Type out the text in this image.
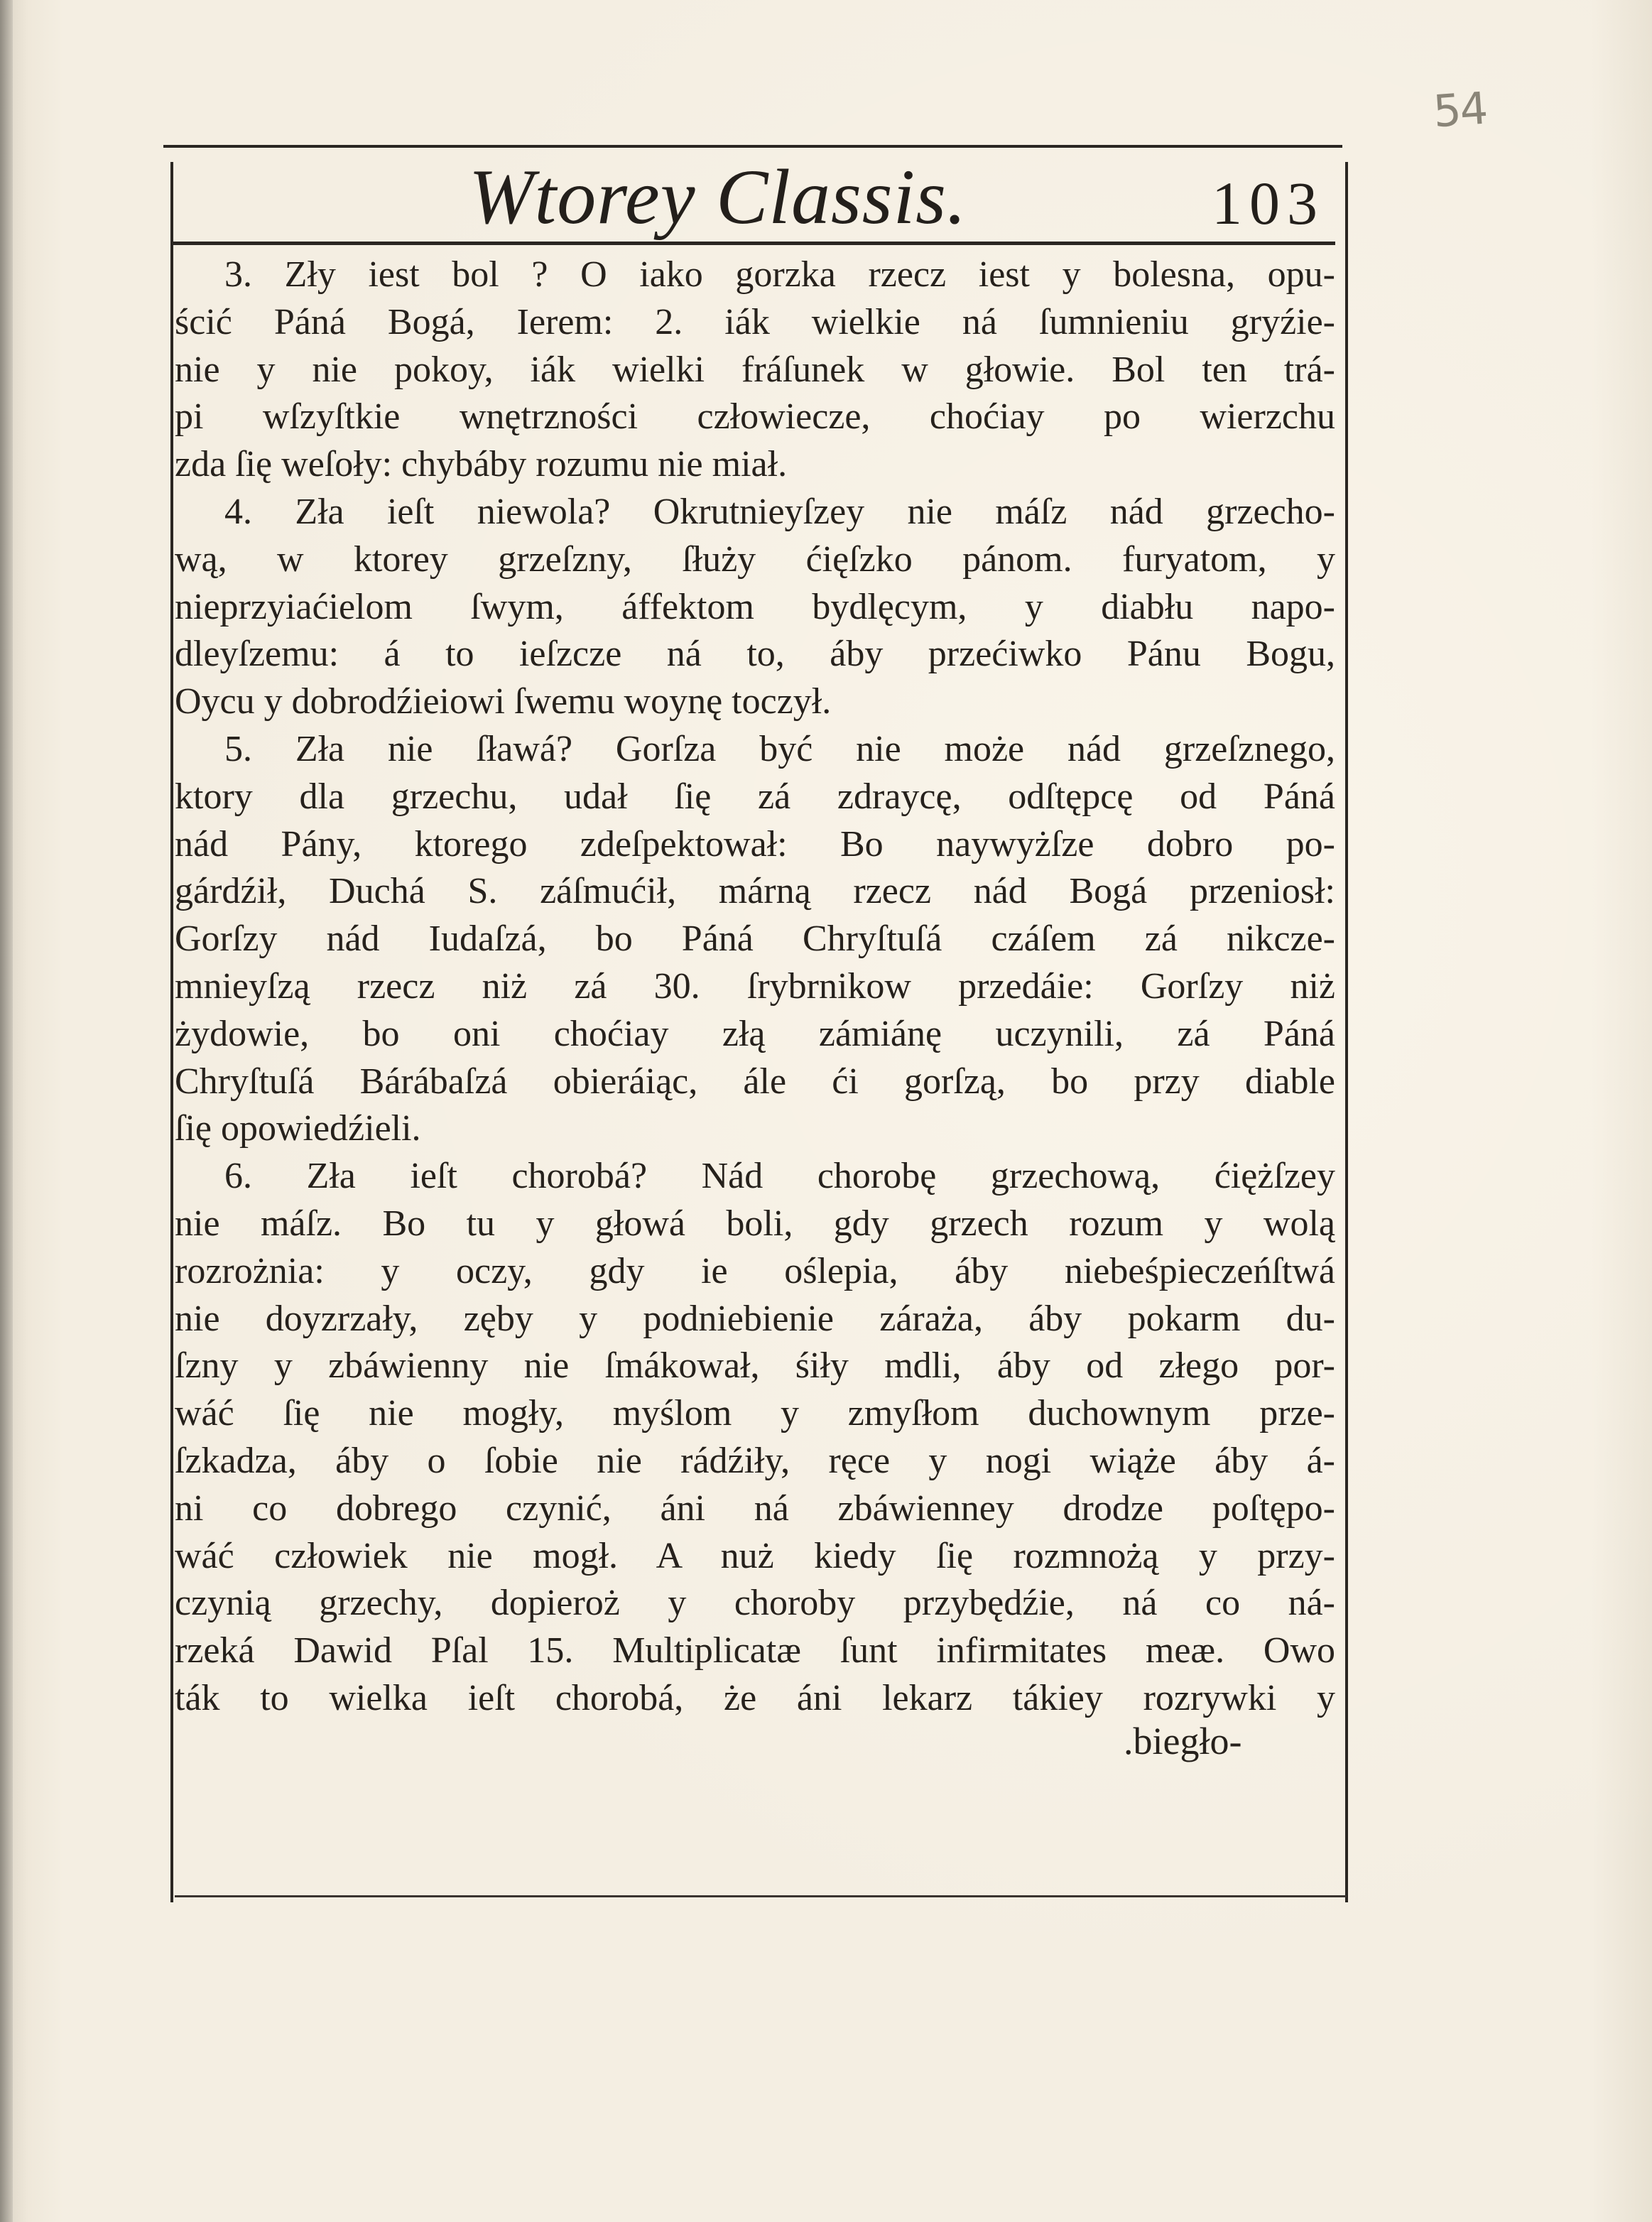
54
Wtorey Classis.	103
3. Zły iest bol ? O iako gorzka rzecz iest y bolesna, opu-
ścić Páná Bogá, Ierem: 2. iák wielkie ná ſumnieniu gryźie-
nie y nie pokoy, iák wielki fráſunek w głowie. Bol ten trá-
pi wſzyſtkie wnętrzności człowiecze, choćiay po wierzchu
zda ſię weſoły: chybáby rozumu nie miał.
4. Zła ieſt niewola? Okrutnieyſzey nie máſz nád grzecho-
wą, w ktorey grzeſzny, ſłuży ćięſzko pánom. furyatom, y
nieprzyiaćielom ſwym, áffektom bydlęcym, y diabłu napo-
dleyſzemu: á to ieſzcze ná to, áby przećiwko Pánu Bogu,
Oycu y dobrodźieiowi ſwemu woynę toczył.
5. Zła nie ſławá? Gorſza być nie może nád grzeſznego,
ktory dla grzechu, udał ſię zá zdraycę, odſtępcę od Páná
nád Pány, ktorego zdeſpektował: Bo naywyżſze dobro po-
gárdźił, Duchá S. záſmućił, márną rzecz nád Bogá przeniosł:
Gorſzy nád Iudaſzá, bo Páná Chryſtuſá czáſem zá nikcze-
mnieyſzą rzecz niż zá 30. ſrybrnikow przedáie: Gorſzy niż
żydowie, bo oni choćiay złą zámiánę uczynili, zá Páná
Chryſtuſá Bárábaſzá obieráiąc, ále ći gorſzą, bo przy diable
ſię opowiedźieli.
6. Zła ieſt chorobá? Nád chorobę grzechową, ćiężſzey
nie máſz. Bo tu y głowá boli, gdy grzech rozum y wolą
rozrożnia: y oczy, gdy ie oślepia, áby niebeśpieczeńſtwá
nie doyzrzały, zęby y podniebienie záraża, áby pokarm du-
ſzny y zbáwienny nie ſmákował, śiły mdli, áby od złego por-
wáć ſię nie mogły, myślom y zmyſłom duchownym prze-
ſzkadza, áby o ſobie nie rádźiły, ręce y nogi wiąże áby á-
ni co dobrego czynić, áni ná zbáwienney drodze poſtępo-
wáć człowiek nie mogł. A nuż kiedy ſię rozmnożą y przy-
czynią grzechy, dopieroż y choroby przybędźie, ná co ná-
rzeká Dawid Pſal 15. Multiplicatæ ſunt infirmitates meæ. Owo
ták to wielka ieſt chorobá, że áni lekarz tákiey rozrywki y
.biegło-
